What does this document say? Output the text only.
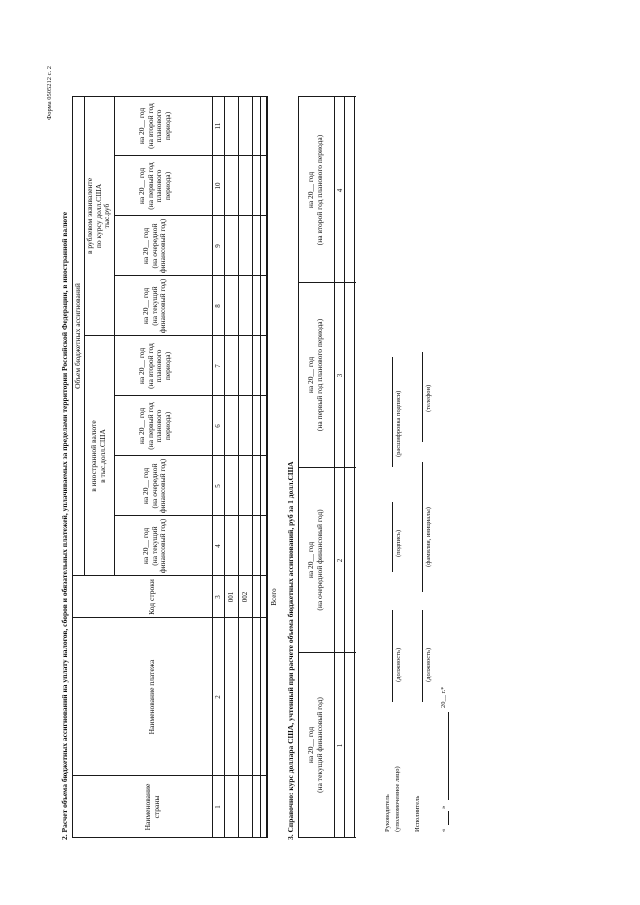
Форма 0505212 с. 2
2. Расчет объема бюджетных ассигнований на уплату налогов, сборов и обязательных платежей, уплачиваемых за пределами территории Российской Федерации, в иностранной валюте	Наименование страны
Наименование платежа
Код строки
Объем бюджетных ассигнований
в иностранной валюте в тыс.долл.США
в рублевом эквиваленте по курсу долл.США тыс.руб
на 20__ год (на текущий финансовый год)
на 20__ год (на очередной финансовый год)
на 20__ год (на первый год планового периода)
на 20__ год (на второй год планового периода)
на 20__ год (на текущий финансовый год)
на 20__ год (на очередной финансовый год)
на 20__ год (на первый год планового периода)
на 20__ год (на второй год планового периода)
1
2
3
4
5
6
7
8
9
10
11
001 002	Всего 3. Справочно: курс доллара США, учтенный при расчете объема бюджетных ассигнований, руб за 1 долл.США на 20__ год (на текущий финансовый год)
на 20__ год (на очередной финансовый год)
на 20__ год (на первый год планового периода)
на 20__ год (на второй год планового периода)
1
2
3
4
Руководитель (уполномоченное лицо)
(должность)
(подпись)
(расшифровка подписи)
Исполнитель
(должность)
(фамилия, инициалы)
(телефон)
«
»
20__ г.*
